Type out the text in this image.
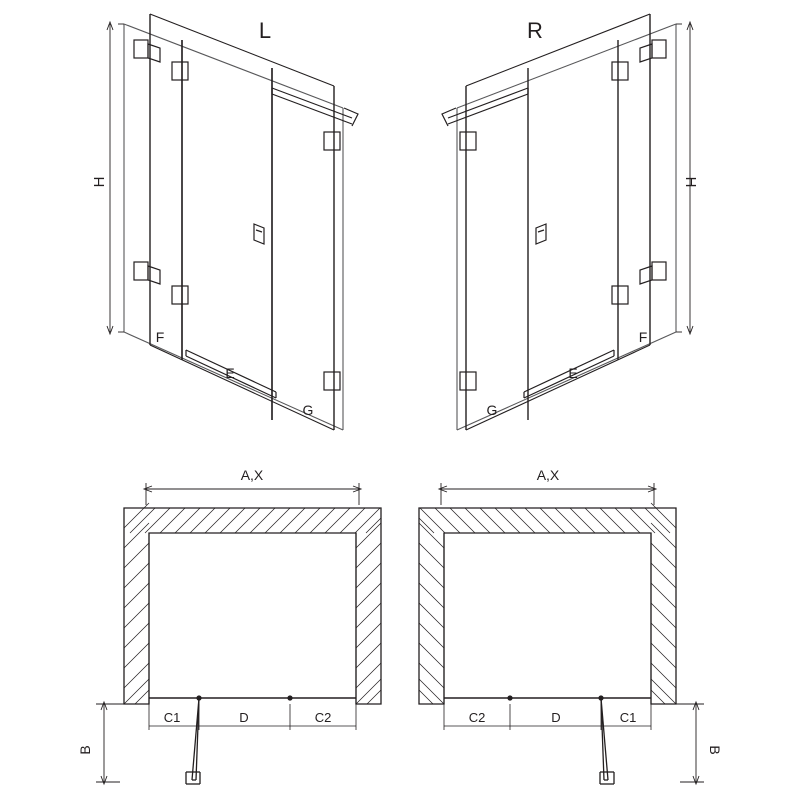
L
H
F
E
G
R
H
G
E
F
A,X
B
C1	D	C2
A,X
B
C2	D	C1
